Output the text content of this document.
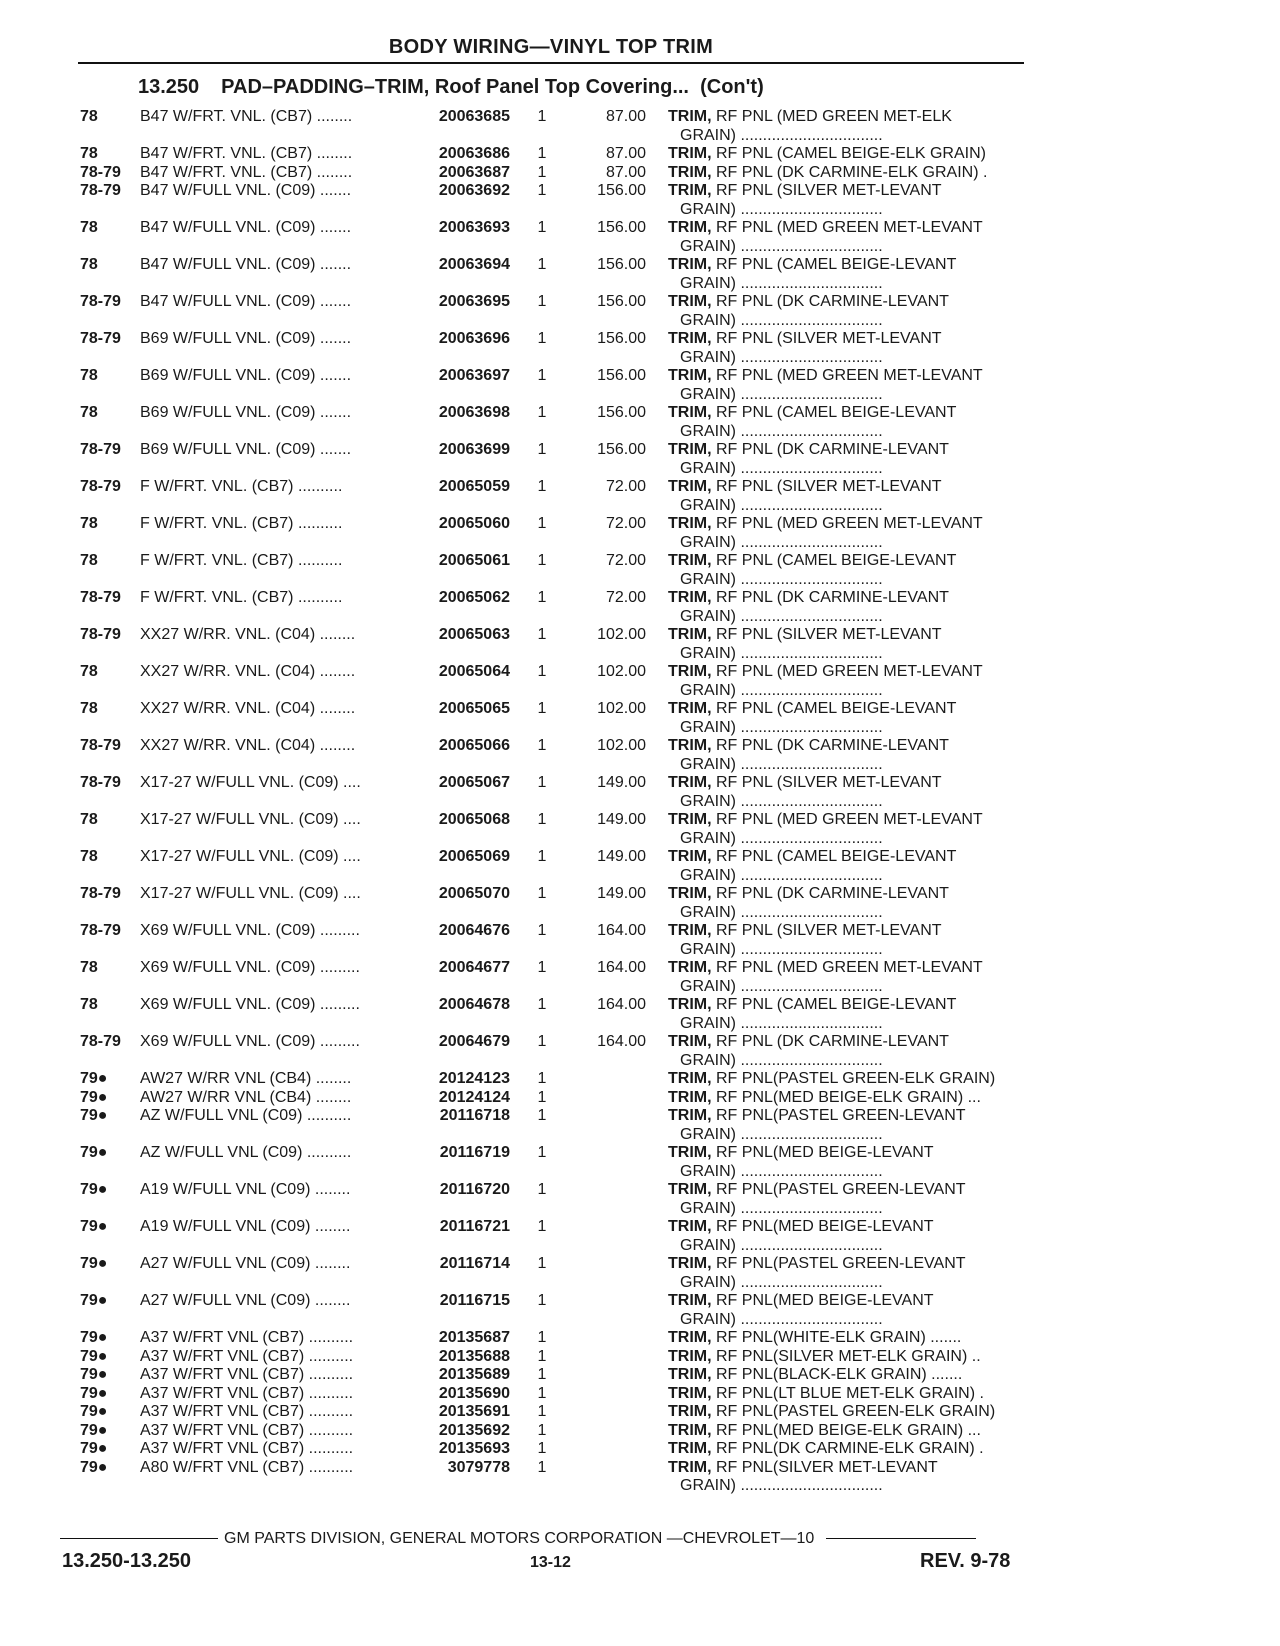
BODY WIRING—VINYL TOP TRIM
13.250 PAD–PADDING–TRIM, Roof Panel Top Covering...  (Con't)
78	B47 W/FRT. VNL. (CB7) ........	20063685 1	87.00 TRIM, RF PNL (MED GREEN MET-ELK
GRAIN) ................................
78	B47 W/FRT. VNL. (CB7) ........	20063686 1	87.00 TRIM, RF PNL (CAMEL BEIGE-ELK GRAIN)
78-79	B47 W/FRT. VNL. (CB7) ........	20063687 1	87.00 TRIM, RF PNL (DK CARMINE-ELK GRAIN) .
78-79	B47 W/FULL VNL. (C09) .......	20063692 1	156.00 TRIM, RF PNL (SILVER MET-LEVANT
GRAIN) ................................
78	B47 W/FULL VNL. (C09) .......	20063693 1	156.00 TRIM, RF PNL (MED GREEN MET-LEVANT
GRAIN) ................................
78	B47 W/FULL VNL. (C09) .......	20063694 1	156.00 TRIM, RF PNL (CAMEL BEIGE-LEVANT
GRAIN) ................................
78-79	B47 W/FULL VNL. (C09) .......	20063695 1	156.00 TRIM, RF PNL (DK CARMINE-LEVANT
GRAIN) ................................
78-79	B69 W/FULL VNL. (C09) .......	20063696 1	156.00 TRIM, RF PNL (SILVER MET-LEVANT
GRAIN) ................................
78	B69 W/FULL VNL. (C09) .......	20063697 1	156.00 TRIM, RF PNL (MED GREEN MET-LEVANT
GRAIN) ................................
78	B69 W/FULL VNL. (C09) .......	20063698 1	156.00 TRIM, RF PNL (CAMEL BEIGE-LEVANT
GRAIN) ................................
78-79	B69 W/FULL VNL. (C09) .......	20063699 1	156.00 TRIM, RF PNL (DK CARMINE-LEVANT
GRAIN) ................................
78-79	F W/FRT. VNL. (CB7) ..........	20065059 1	72.00 TRIM, RF PNL (SILVER MET-LEVANT
GRAIN) ................................
78	F W/FRT. VNL. (CB7) ..........	20065060 1	72.00 TRIM, RF PNL (MED GREEN MET-LEVANT
GRAIN) ................................
78	F W/FRT. VNL. (CB7) ..........	20065061 1	72.00 TRIM, RF PNL (CAMEL BEIGE-LEVANT
GRAIN) ................................
78-79	F W/FRT. VNL. (CB7) ..........	20065062 1	72.00 TRIM, RF PNL (DK CARMINE-LEVANT
GRAIN) ................................
78-79	XX27 W/RR. VNL. (C04) ........	20065063 1	102.00 TRIM, RF PNL (SILVER MET-LEVANT
GRAIN) ................................
78	XX27 W/RR. VNL. (C04) ........	20065064 1	102.00 TRIM, RF PNL (MED GREEN MET-LEVANT
GRAIN) ................................
78	XX27 W/RR. VNL. (C04) ........	20065065 1	102.00 TRIM, RF PNL (CAMEL BEIGE-LEVANT
GRAIN) ................................
78-79	XX27 W/RR. VNL. (C04) ........	20065066 1	102.00 TRIM, RF PNL (DK CARMINE-LEVANT
GRAIN) ................................
78-79	X17-27 W/FULL VNL. (C09) ....	20065067 1	149.00 TRIM, RF PNL (SILVER MET-LEVANT
GRAIN) ................................
78	X17-27 W/FULL VNL. (C09) ....	20065068 1	149.00 TRIM, RF PNL (MED GREEN MET-LEVANT
GRAIN) ................................
78	X17-27 W/FULL VNL. (C09) ....	20065069 1	149.00 TRIM, RF PNL (CAMEL BEIGE-LEVANT
GRAIN) ................................
78-79	X17-27 W/FULL VNL. (C09) ....	20065070 1	149.00 TRIM, RF PNL (DK CARMINE-LEVANT
GRAIN) ................................
78-79	X69 W/FULL VNL. (C09) .........	20064676 1	164.00 TRIM, RF PNL (SILVER MET-LEVANT
GRAIN) ................................
78	X69 W/FULL VNL. (C09) .........	20064677 1	164.00 TRIM, RF PNL (MED GREEN MET-LEVANT
GRAIN) ................................
78	X69 W/FULL VNL. (C09) .........	20064678 1	164.00 TRIM, RF PNL (CAMEL BEIGE-LEVANT
GRAIN) ................................
78-79	X69 W/FULL VNL. (C09) .........	20064679 1	164.00 TRIM, RF PNL (DK CARMINE-LEVANT
GRAIN) ................................
79●	AW27 W/RR VNL (CB4) ........	20124123 1	TRIM, RF PNL(PASTEL GREEN-ELK GRAIN)
79●	AW27 W/RR VNL (CB4) ........	20124124 1	TRIM, RF PNL(MED BEIGE-ELK GRAIN) ...
79●	AZ W/FULL VNL (C09) ..........	20116718 1	TRIM, RF PNL(PASTEL GREEN-LEVANT
GRAIN) ................................
79●	AZ W/FULL VNL (C09) ..........	20116719 1	TRIM, RF PNL(MED BEIGE-LEVANT
GRAIN) ................................
79●	A19 W/FULL VNL (C09) ........	20116720 1	TRIM, RF PNL(PASTEL GREEN-LEVANT
GRAIN) ................................
79●	A19 W/FULL VNL (C09) ........	20116721 1	TRIM, RF PNL(MED BEIGE-LEVANT
GRAIN) ................................
79●	A27 W/FULL VNL (C09) ........	20116714 1	TRIM, RF PNL(PASTEL GREEN-LEVANT
GRAIN) ................................
79●	A27 W/FULL VNL (C09) ........	20116715 1	TRIM, RF PNL(MED BEIGE-LEVANT
GRAIN) ................................
79●	A37 W/FRT VNL (CB7) ..........	20135687 1	TRIM, RF PNL(WHITE-ELK GRAIN) .......
79●	A37 W/FRT VNL (CB7) ..........	20135688 1	TRIM, RF PNL(SILVER MET-ELK GRAIN) ..
79●	A37 W/FRT VNL (CB7) ..........	20135689 1	TRIM, RF PNL(BLACK-ELK GRAIN) .......
79●	A37 W/FRT VNL (CB7) ..........	20135690 1	TRIM, RF PNL(LT BLUE MET-ELK GRAIN) .
79●	A37 W/FRT VNL (CB7) ..........	20135691 1	TRIM, RF PNL(PASTEL GREEN-ELK GRAIN)
79●	A37 W/FRT VNL (CB7) ..........	20135692 1	TRIM, RF PNL(MED BEIGE-ELK GRAIN) ...
79●	A37 W/FRT VNL (CB7) ..........	20135693 1	TRIM, RF PNL(DK CARMINE-ELK GRAIN) .
79●	A80 W/FRT VNL (CB7) ..........	3079778 1	TRIM, RF PNL(SILVER MET-LEVANT
GRAIN) ................................
GM PARTS DIVISION, GENERAL MOTORS CORPORATION —CHEVROLET—10
13.250-13.250	13-12	REV. 9-78
